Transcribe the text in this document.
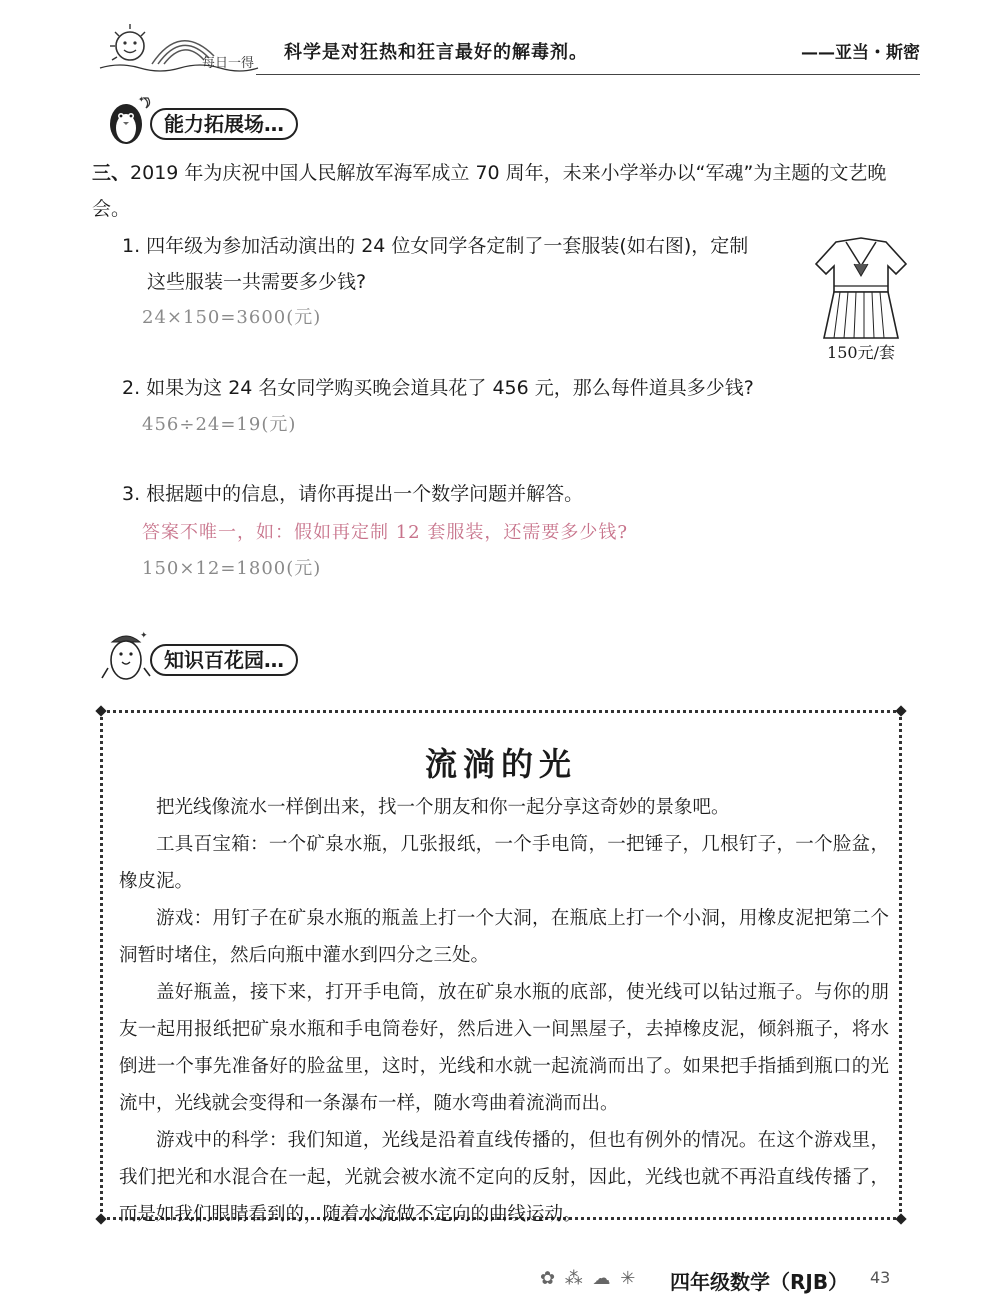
每日一得
科学是对狂热和狂言最好的解毒剂。	——亚当・斯密
✦
能力拓展场…
三、2019 年为庆祝中国人民解放军海军成立 70 周年，未来小学举办以“军魂”为主题的文艺晚会。
1. 四年级为参加活动演出的 24 位女同学各定制了一套服装(如右图)，定制
这些服装一共需要多少钱?
24×150=3600(元)
150元/套
2. 如果为这 24 名女同学购买晚会道具花了 456 元，那么每件道具多少钱?
456÷24=19(元)
3. 根据题中的信息，请你再提出一个数学问题并解答。
答案不唯一，如：假如再定制 12 套服装，还需要多少钱?
150×12=1800(元)
✦
知识百花园…
流淌的光

把光线像流水一样倒出来，找一个朋友和你一起分享这奇妙的景象吧。

工具百宝箱：一个矿泉水瓶，几张报纸，一个手电筒，一把锤子，几根钉子，一个脸盆，橡皮泥。

游戏：用钉子在矿泉水瓶的瓶盖上打一个大洞，在瓶底上打一个小洞，用橡皮泥把第二个洞暂时堵住，然后向瓶中灌水到四分之三处。

盖好瓶盖，接下来，打开手电筒，放在矿泉水瓶的底部，使光线可以钻过瓶子。与你的朋友一起用报纸把矿泉水瓶和手电筒卷好，然后进入一间黑屋子，去掉橡皮泥，倾斜瓶子，将水倒进一个事先准备好的脸盆里，这时，光线和水就一起流淌而出了。如果把手指插到瓶口的光流中，光线就会变得和一条瀑布一样，随水弯曲着流淌而出。

游戏中的科学：我们知道，光线是沿着直线传播的，但也有例外的情况。在这个游戏里，我们把光和水混合在一起，光就会被水流不定向的反射，因此，光线也就不再沿直线传播了，而是如我们眼睛看到的，随着水流做不定向的曲线运动。

✿ ⁂ ☁ ✳ 四年级数学（RJB） 43
